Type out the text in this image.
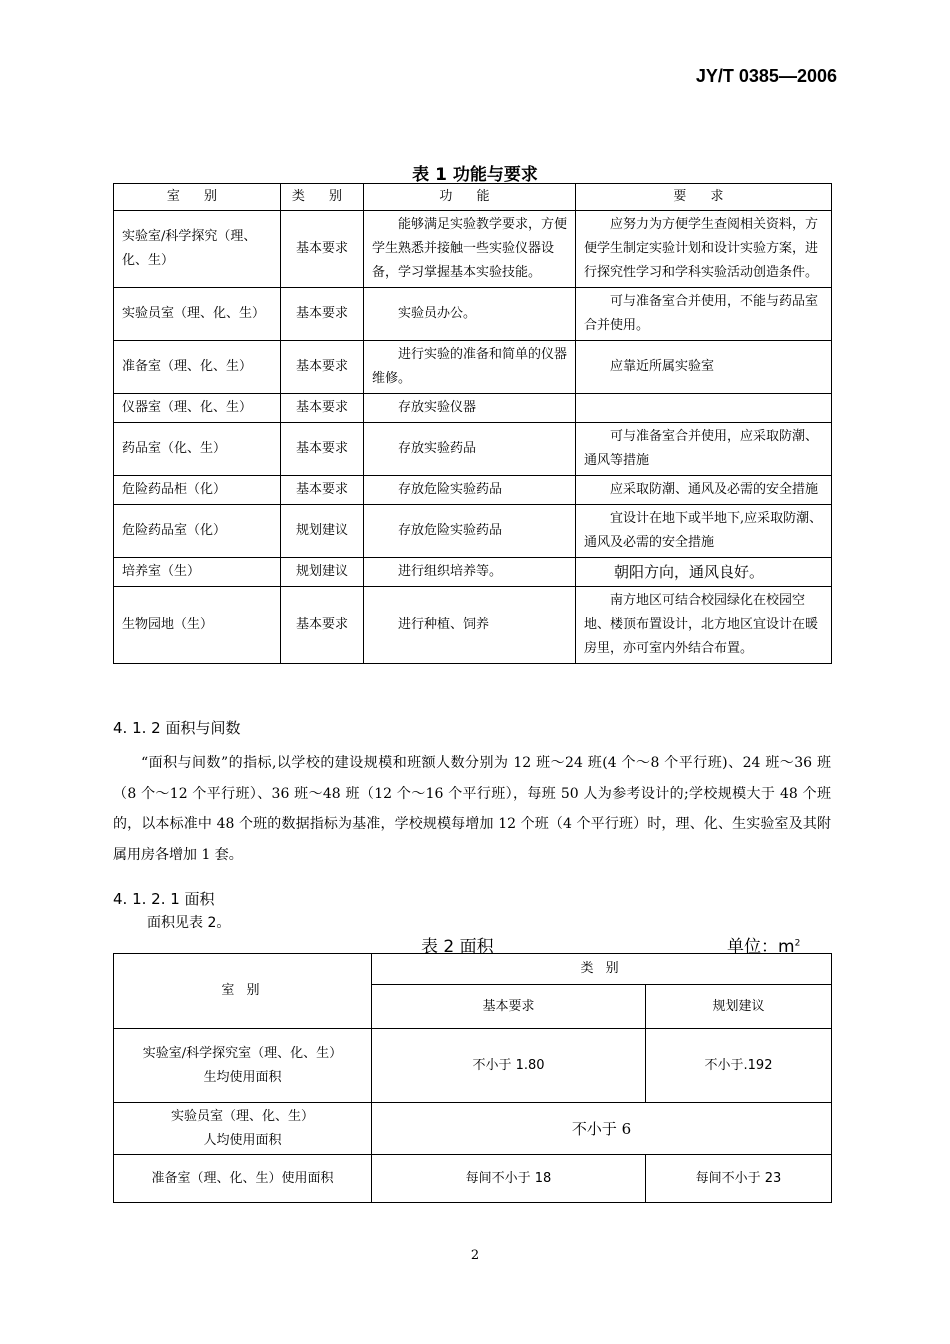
JY/T 0385—2006
表 1 功能与要求
室 别	类 别	功 能	要 求
实验室/科学探究（理、化、生）	基本要求	能够满足实验教学要求，方便学生熟悉并接触一些实验仪器设备，学习掌握基本实验技能。	应努力为方便学生查阅相关资料，方便学生制定实验计划和设计实验方案，进行探究性学习和学科实验活动创造条件。
实验员室（理、化、生）	基本要求	实验员办公。	可与准备室合并使用，不能与药品室合并使用。
准备室（理、化、生）	基本要求	进行实验的准备和简单的仪器维修。	应靠近所属实验室
仪器室（理、化、生）	基本要求	存放实验仪器	
药品室（化、生）	基本要求	存放实验药品	可与准备室合并使用，应采取防潮、通风等措施
危险药品柜（化）	基本要求	存放危险实验药品	应采取防潮、通风及必需的安全措施
危险药品室（化）	规划建议	存放危险实验药品	宜设计在地下或半地下,应采取防潮、通风及必需的安全措施
培养室（生）	规划建议	进行组织培养等。	朝阳方向，通风良好。
生物园地（生）	基本要求	进行种植、饲养	南方地区可结合校园绿化在校园空地、楼顶布置设计，北方地区宜设计在暖房里，亦可室内外结合布置。
4. 1. 2 面积与间数
“面积与间数”的指标,以学校的建设规模和班额人数分别为 12 班～24 班(4 个～8 个平行班)、24 班～36 班（8 个～12 个平行班）、36 班～48 班（12 个～16 个平行班），每班 50 人为参考设计的;学校规模大于 48 个班的，以本标准中 48 个班的数据指标为基准，学校规模每增加 12 个班（4 个平行班）时，理、化、生实验室及其附属用房各增加 1 套。
4. 1. 2. 1 面积
面积见表 2。
表 2 面积	单位：$m^2$
室 别	类 别	
	基本要求	规划建议

实验室/科学探究室（理、化、生）
生均使用面积	不小于 1.80	不小于.192

实验员室（理、化、生）
人均使用面积	不小于 6	
准备室（理、化、生）使用面积	每间不小于 18	每间不小于 23
2
